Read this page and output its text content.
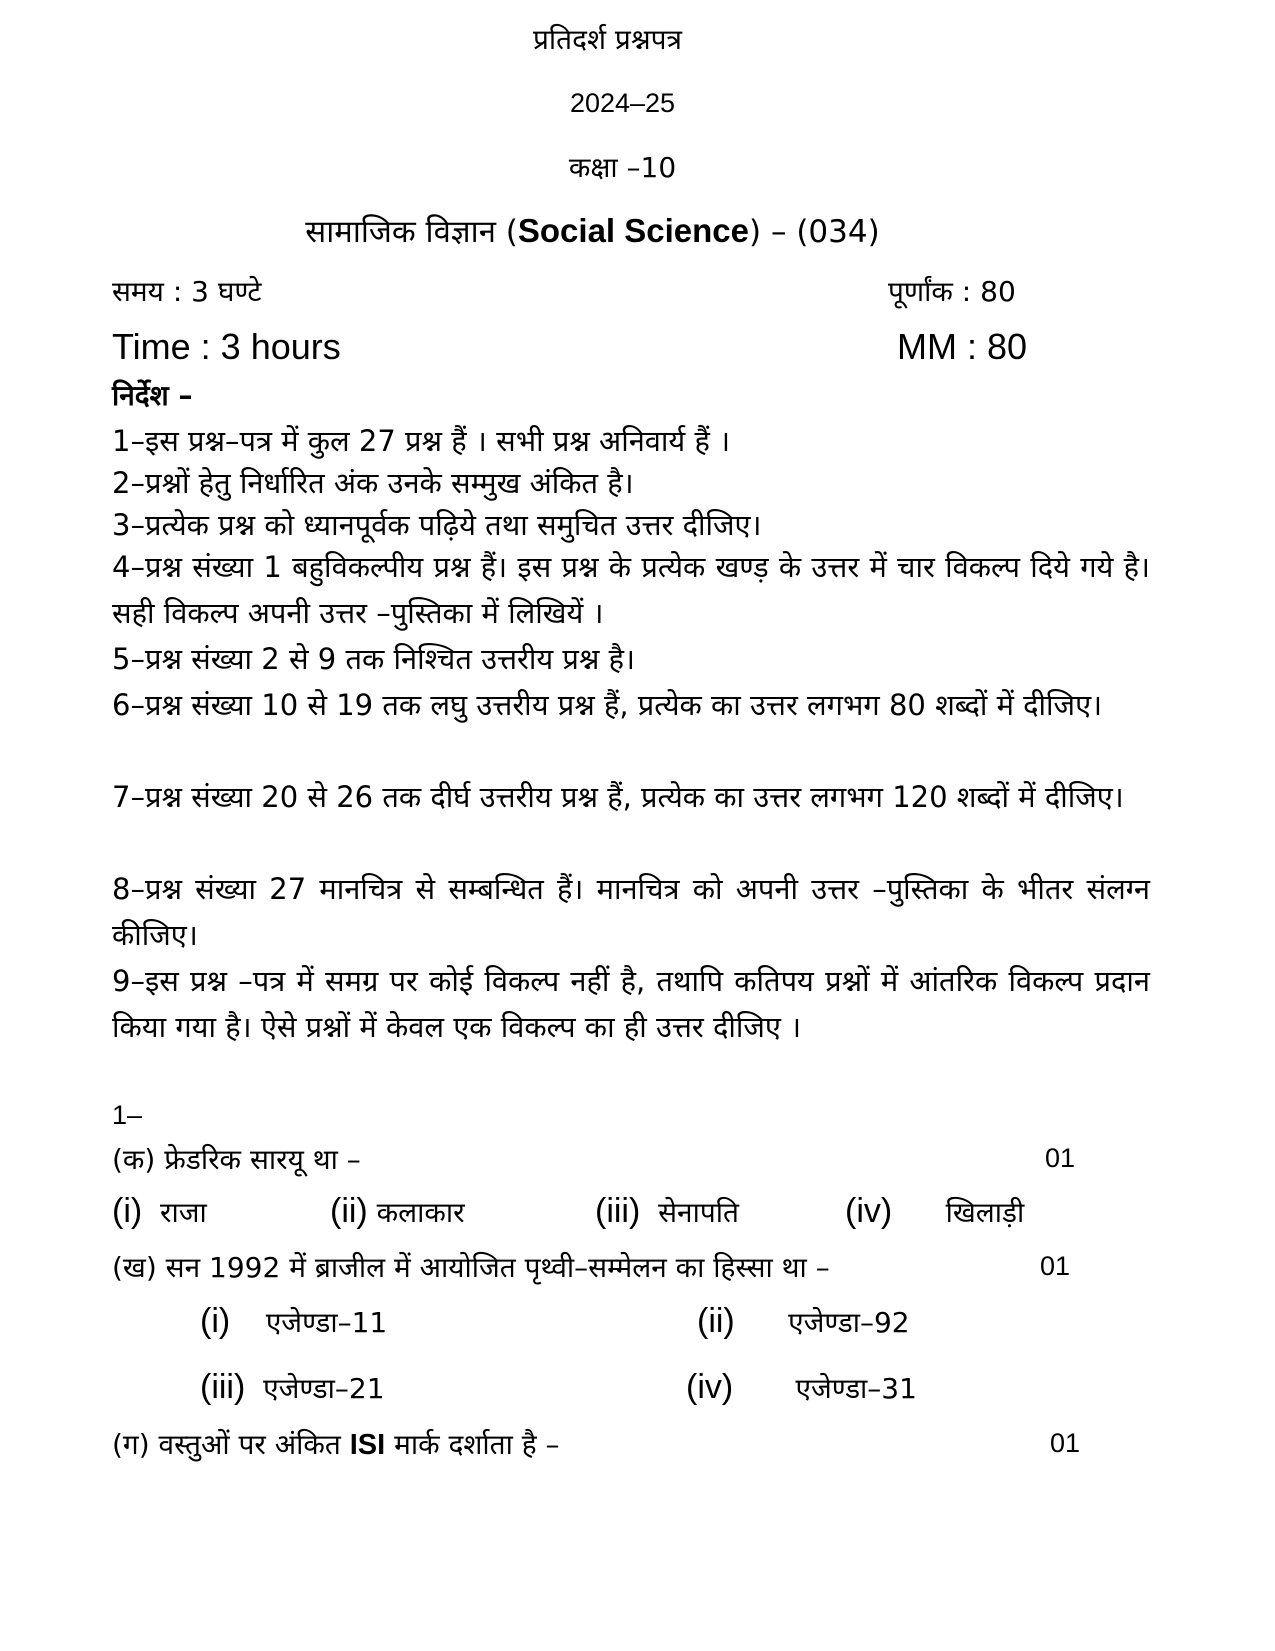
प्रतिदर्श प्रश्नपत्र
2024–25
कक्षा –10
सामाजिक विज्ञान (Social Science) – (034)
समय : 3 घण्टे	पूर्णांक : 80
Time : 3 hours	MM : 80
निर्देश –

1–इस प्रश्न–पत्र में कुल 27 प्रश्न हैं । सभी प्रश्न अनिवार्य हैं ।

2–प्रश्नों हेतु निर्धारित अंक उनके सम्मुख अंकित है।

3–प्रत्येक प्रश्न को ध्यानपूर्वक पढ़िये तथा समुचित उत्तर दीजिए।

4–प्रश्न संख्या 1 बहुविकल्पीय प्रश्न हैं। इस प्रश्न के प्रत्येक खण्ड़ के उत्तर में चार विकल्प दिये गये है। सही विकल्प अपनी उत्तर –पुस्तिका में लिखियें ।

5–प्रश्न संख्या 2 से 9 तक निश्चित उत्तरीय प्रश्न है।

6–प्रश्न संख्या 10 से 19 तक लघु उत्तरीय प्रश्न हैं, प्रत्येक का उत्तर लगभग 80 शब्दों में दीजिए।

7–प्रश्न संख्या 20 से 26 तक दीर्घ उत्तरीय प्रश्न हैं, प्रत्येक का उत्तर लगभग 120 शब्दों में दीजिए।

8–प्रश्न संख्या 27 मानचित्र से सम्बन्धित हैं। मानचित्र को अपनी उत्तर –पुस्तिका के भीतर संलग्न कीजिए।

9–इस प्रश्न –पत्र में समग्र पर कोई विकल्प नहीं है, तथापि कतिपय प्रश्नों में आंतरिक विकल्प प्रदान किया गया है। ऐसे प्रश्नों में केवल एक विकल्प का ही उत्तर दीजिए ।

1–
(क) फ्रेडरिक सारयू था –	01
(i) राजा	(ii) कलाकार	(iii) सेनापति	(iv) खिलाड़ी
(ख) सन 1992 में ब्राजील में आयोजित पृथ्वी–सम्मेलन का हिस्सा था –	01
(i) एजेण्डा–11	(ii) एजेण्डा–92
(iii) एजेण्डा–21	(iv) एजेण्डा–31
(ग) वस्तुओं पर अंकित ISI मार्क दर्शाता है –	01
